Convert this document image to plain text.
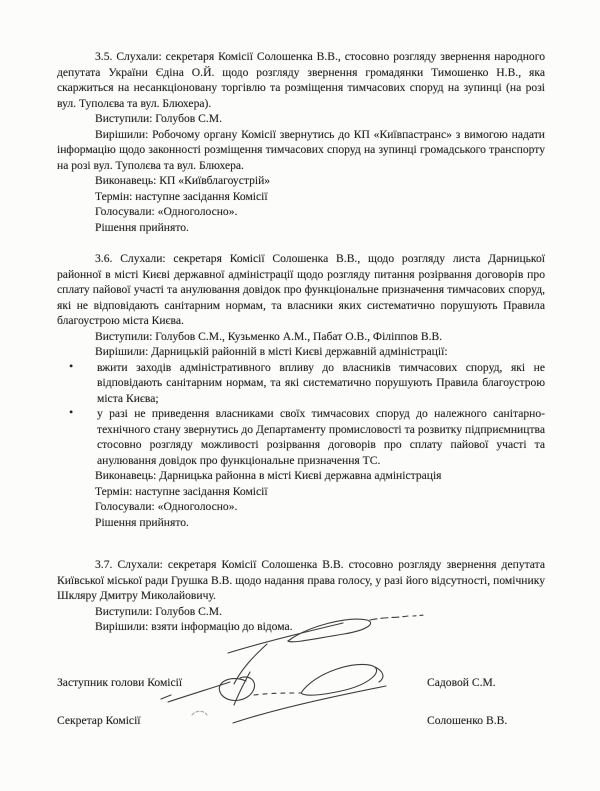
3.5. Слухали: секретаря Комісії Солошенка В.В., стосовно розгляду звернення народного депутата України Єдіна О.Й. щодо розгляду звернення громадянки Тимошенко Н.В., яка скаржиться на несанкціоновану торгівлю та розміщення тимчасових споруд на зупинці (на розі вул. Туполєва та вул. Блюхера).

Виступили: Голубов С.М.

Вирішили: Робочому органу Комісії звернутись до КП «Київпастранс» з вимогою надати інформацію щодо законності розміщення тимчасових споруд на зупинці громадського транспорту на розі вул. Туполєва та вул. Блюхера.

Виконавець: КП «Київблагоустрій»

Термін: наступне засідання Комісії

Голосували: «Одноголосно».

Рішення прийнято.

3.6. Слухали: секретаря Комісії Солошенка В.В., щодо розгляду листа Дарницької районної в місті Києві державної адміністрації щодо розгляду питання розірвання договорів про сплату пайової участі та анулювання довідок про функціональне призначення тимчасових споруд, які не відповідають санітарним нормам, та власники яких систематично порушують Правила благоустрою міста Києва.

Виступили: Голубов С.М., Кузьменко А.М., Пабат О.В., Філіппов В.В.

Вирішили: Дарницькій районній в місті Києві державній адміністрації:

• вжити заходів адміністративного впливу до власників тимчасових споруд, які не відповідають санітарним нормам, та які систематично порушують Правила благоустрою міста Києва;
• у разі не приведення власниками своїх тимчасових споруд до належного санітарно-технічного стану звернутись до Департаменту промисловості та розвитку підприємництва стосовно розгляду можливості розірвання договорів про сплату пайової участі та анулювання довідок про функціональне призначення ТС.

Виконавець: Дарницька районна в місті Києві державна адміністрація

Термін: наступне засідання Комісії

Голосували: «Одноголосно».

Рішення прийнято.

3.7. Слухали: секретаря Комісії Солошенка В.В. стосовно розгляду звернення депутата Київської міської ради Грушка В.В. щодо надання права голосу, у разі його відсутності, помічнику Шкляру Дмитру Миколайовичу.

Виступили: Голубов С.М.

Вирішили: взяти інформацію до відома.

Заступник голови Комісії	Садовой С.М.
Секретар Комісії	Солошенко В.В.
